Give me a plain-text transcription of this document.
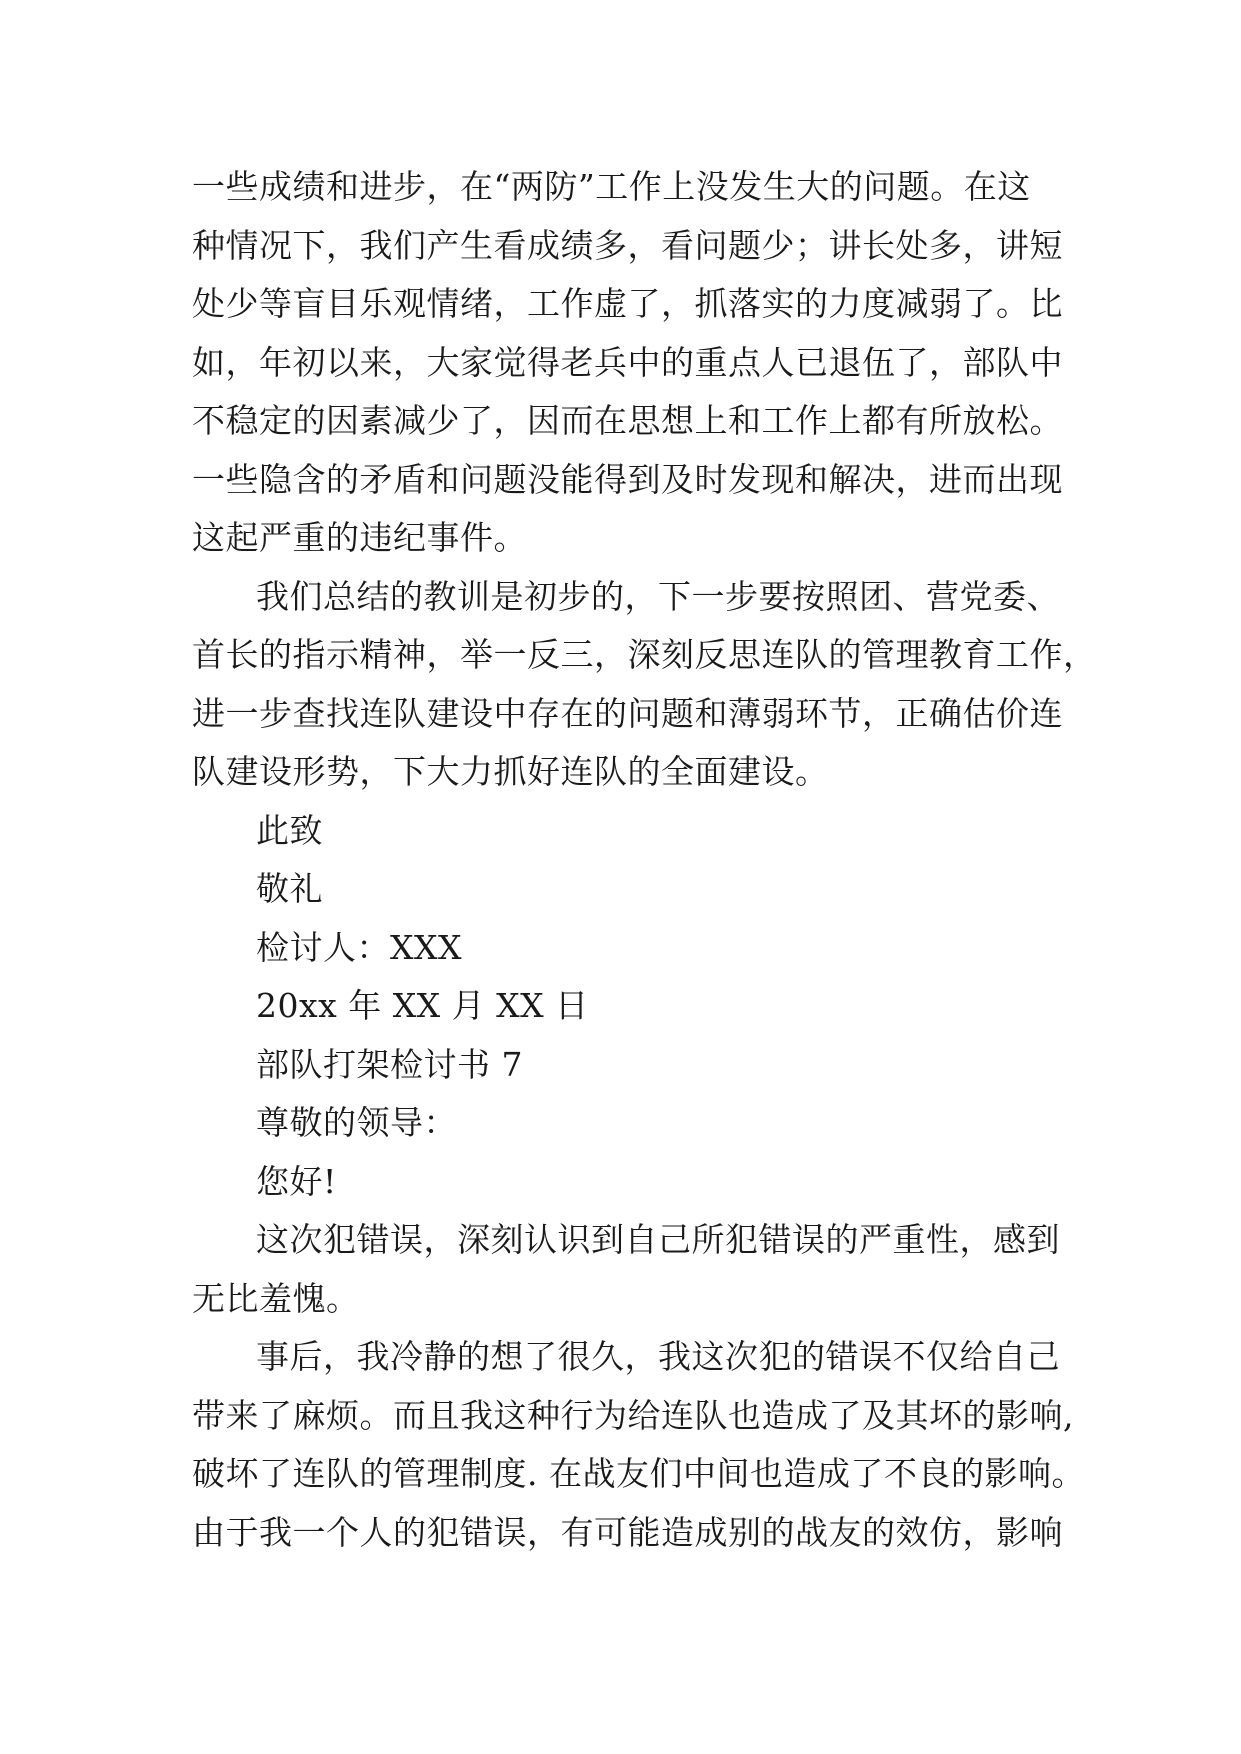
一些成绩和进步，在“两防”工作上没发生大的问题。在这
种情况下，我们产生看成绩多，看问题少；讲长处多，讲短
处少等盲目乐观情绪，工作虚了，抓落实的力度减弱了。比
如，年初以来，大家觉得老兵中的重点人已退伍了，部队中
不稳定的因素减少了，因而在思想上和工作上都有所放松。
一些隐含的矛盾和问题没能得到及时发现和解决，进而出现
这起严重的违纪事件。
我们总结的教训是初步的，下一步要按照团、营党委、
首长的指示精神，举一反三，深刻反思连队的管理教育工作，
进一步查找连队建设中存在的问题和薄弱环节，正确估价连
队建设形势，下大力抓好连队的全面建设。
此致
敬礼
检讨人：XXX
20xx 年 XX 月 XX 日
部队打架检讨书 7
尊敬的领导：
您好!
这次犯错误，深刻认识到自己所犯错误的严重性，感到
无比羞愧。
事后，我冷静的想了很久，我这次犯的错误不仅给自己
带来了麻烦。而且我这种行为给连队也造成了及其坏的影响,
破坏了连队的管理制度. 在战友们中间也造成了不良的影响。
由于我一个人的犯错误，有可能造成别的战友的效仿，影响
